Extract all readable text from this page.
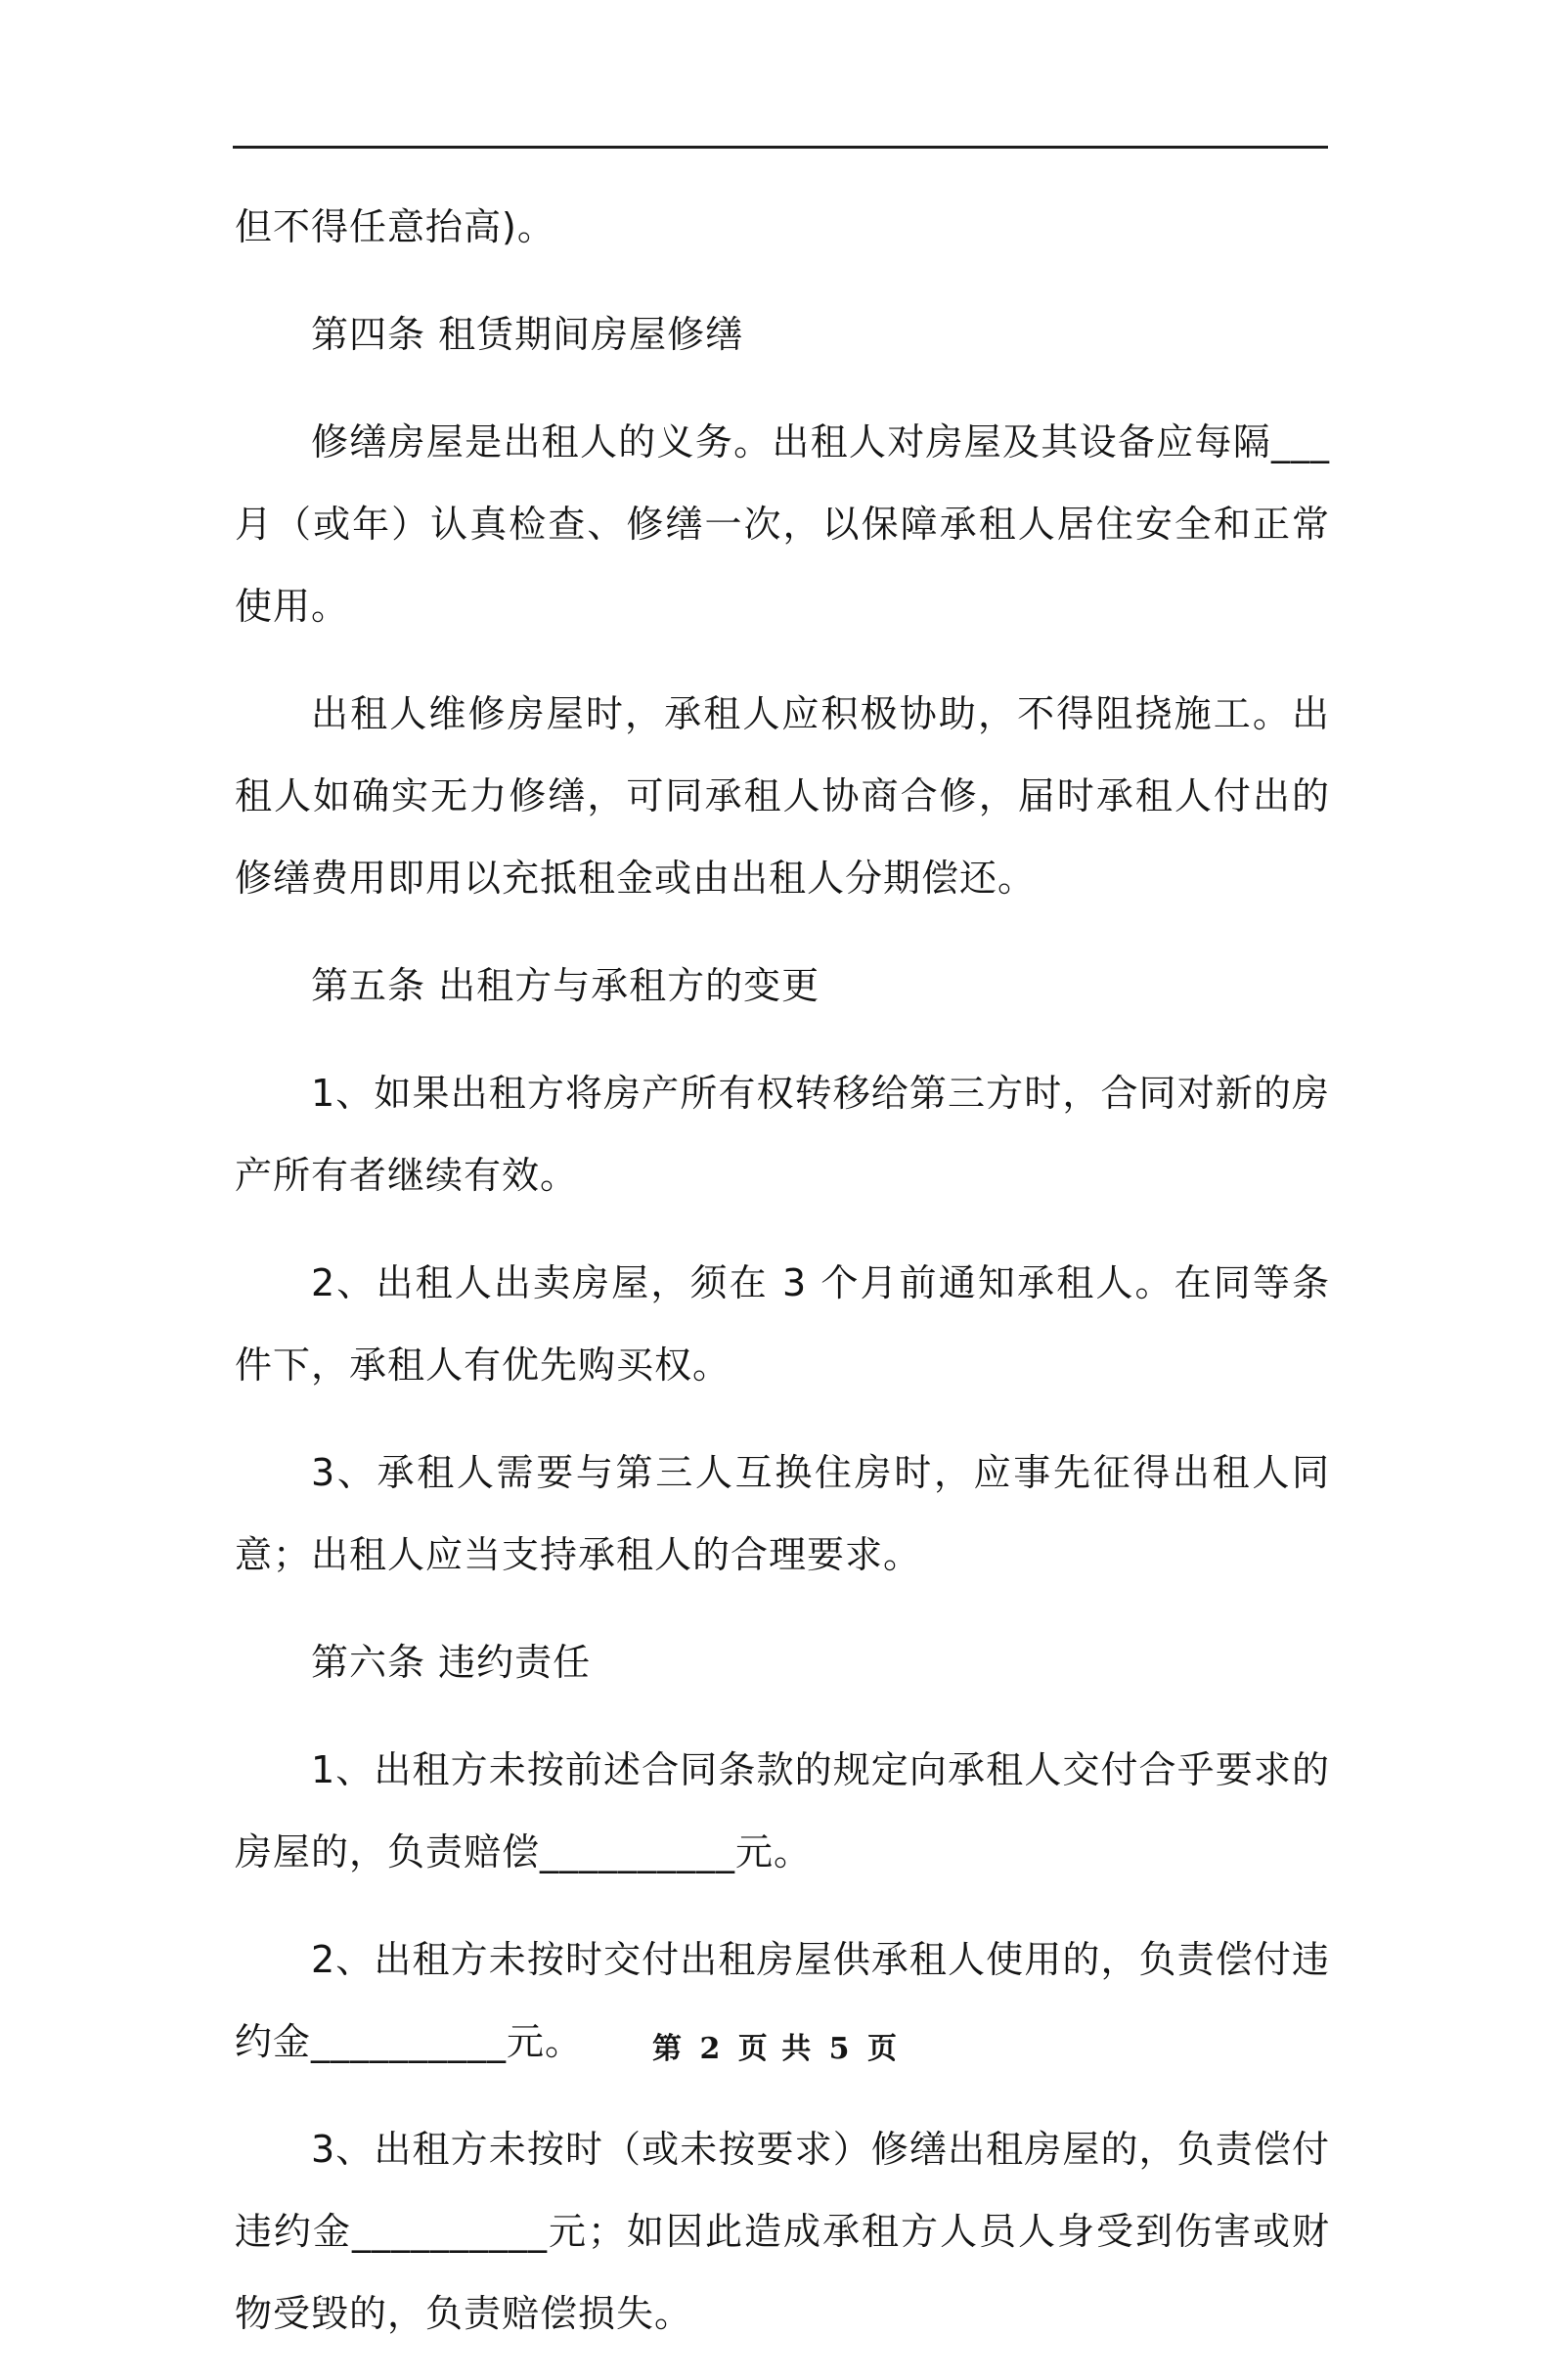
但不得任意抬高)。

第四条 租赁期间房屋修缮

修缮房屋是出租人的义务。出租人对房屋及其设备应每隔___月（或年）认真检查、修缮一次，以保障承租人居住安全和正常使用。

出租人维修房屋时，承租人应积极协助，不得阻挠施工。出租人如确实无力修缮，可同承租人协商合修，届时承租人付出的修缮费用即用以充抵租金或由出租人分期偿还。

第五条 出租方与承租方的变更

1、如果出租方将房产所有权转移给第三方时，合同对新的房产所有者继续有效。

2、出租人出卖房屋，须在 3 个月前通知承租人。在同等条件下，承租人有优先购买权。

3、承租人需要与第三人互换住房时，应事先征得出租人同意；出租人应当支持承租人的合理要求。

第六条 违约责任

1、出租方未按前述合同条款的规定向承租人交付合乎要求的房屋的，负责赔偿__________元。

2、出租方未按时交付出租房屋供承租人使用的，负责偿付违约金__________元。

3、出租方未按时（或未按要求）修缮出租房屋的，负责偿付违约金__________元；如因此造成承租方人员人身受到伤害或财物受毁的，负责赔偿损失。

第 2 页 共 5 页
